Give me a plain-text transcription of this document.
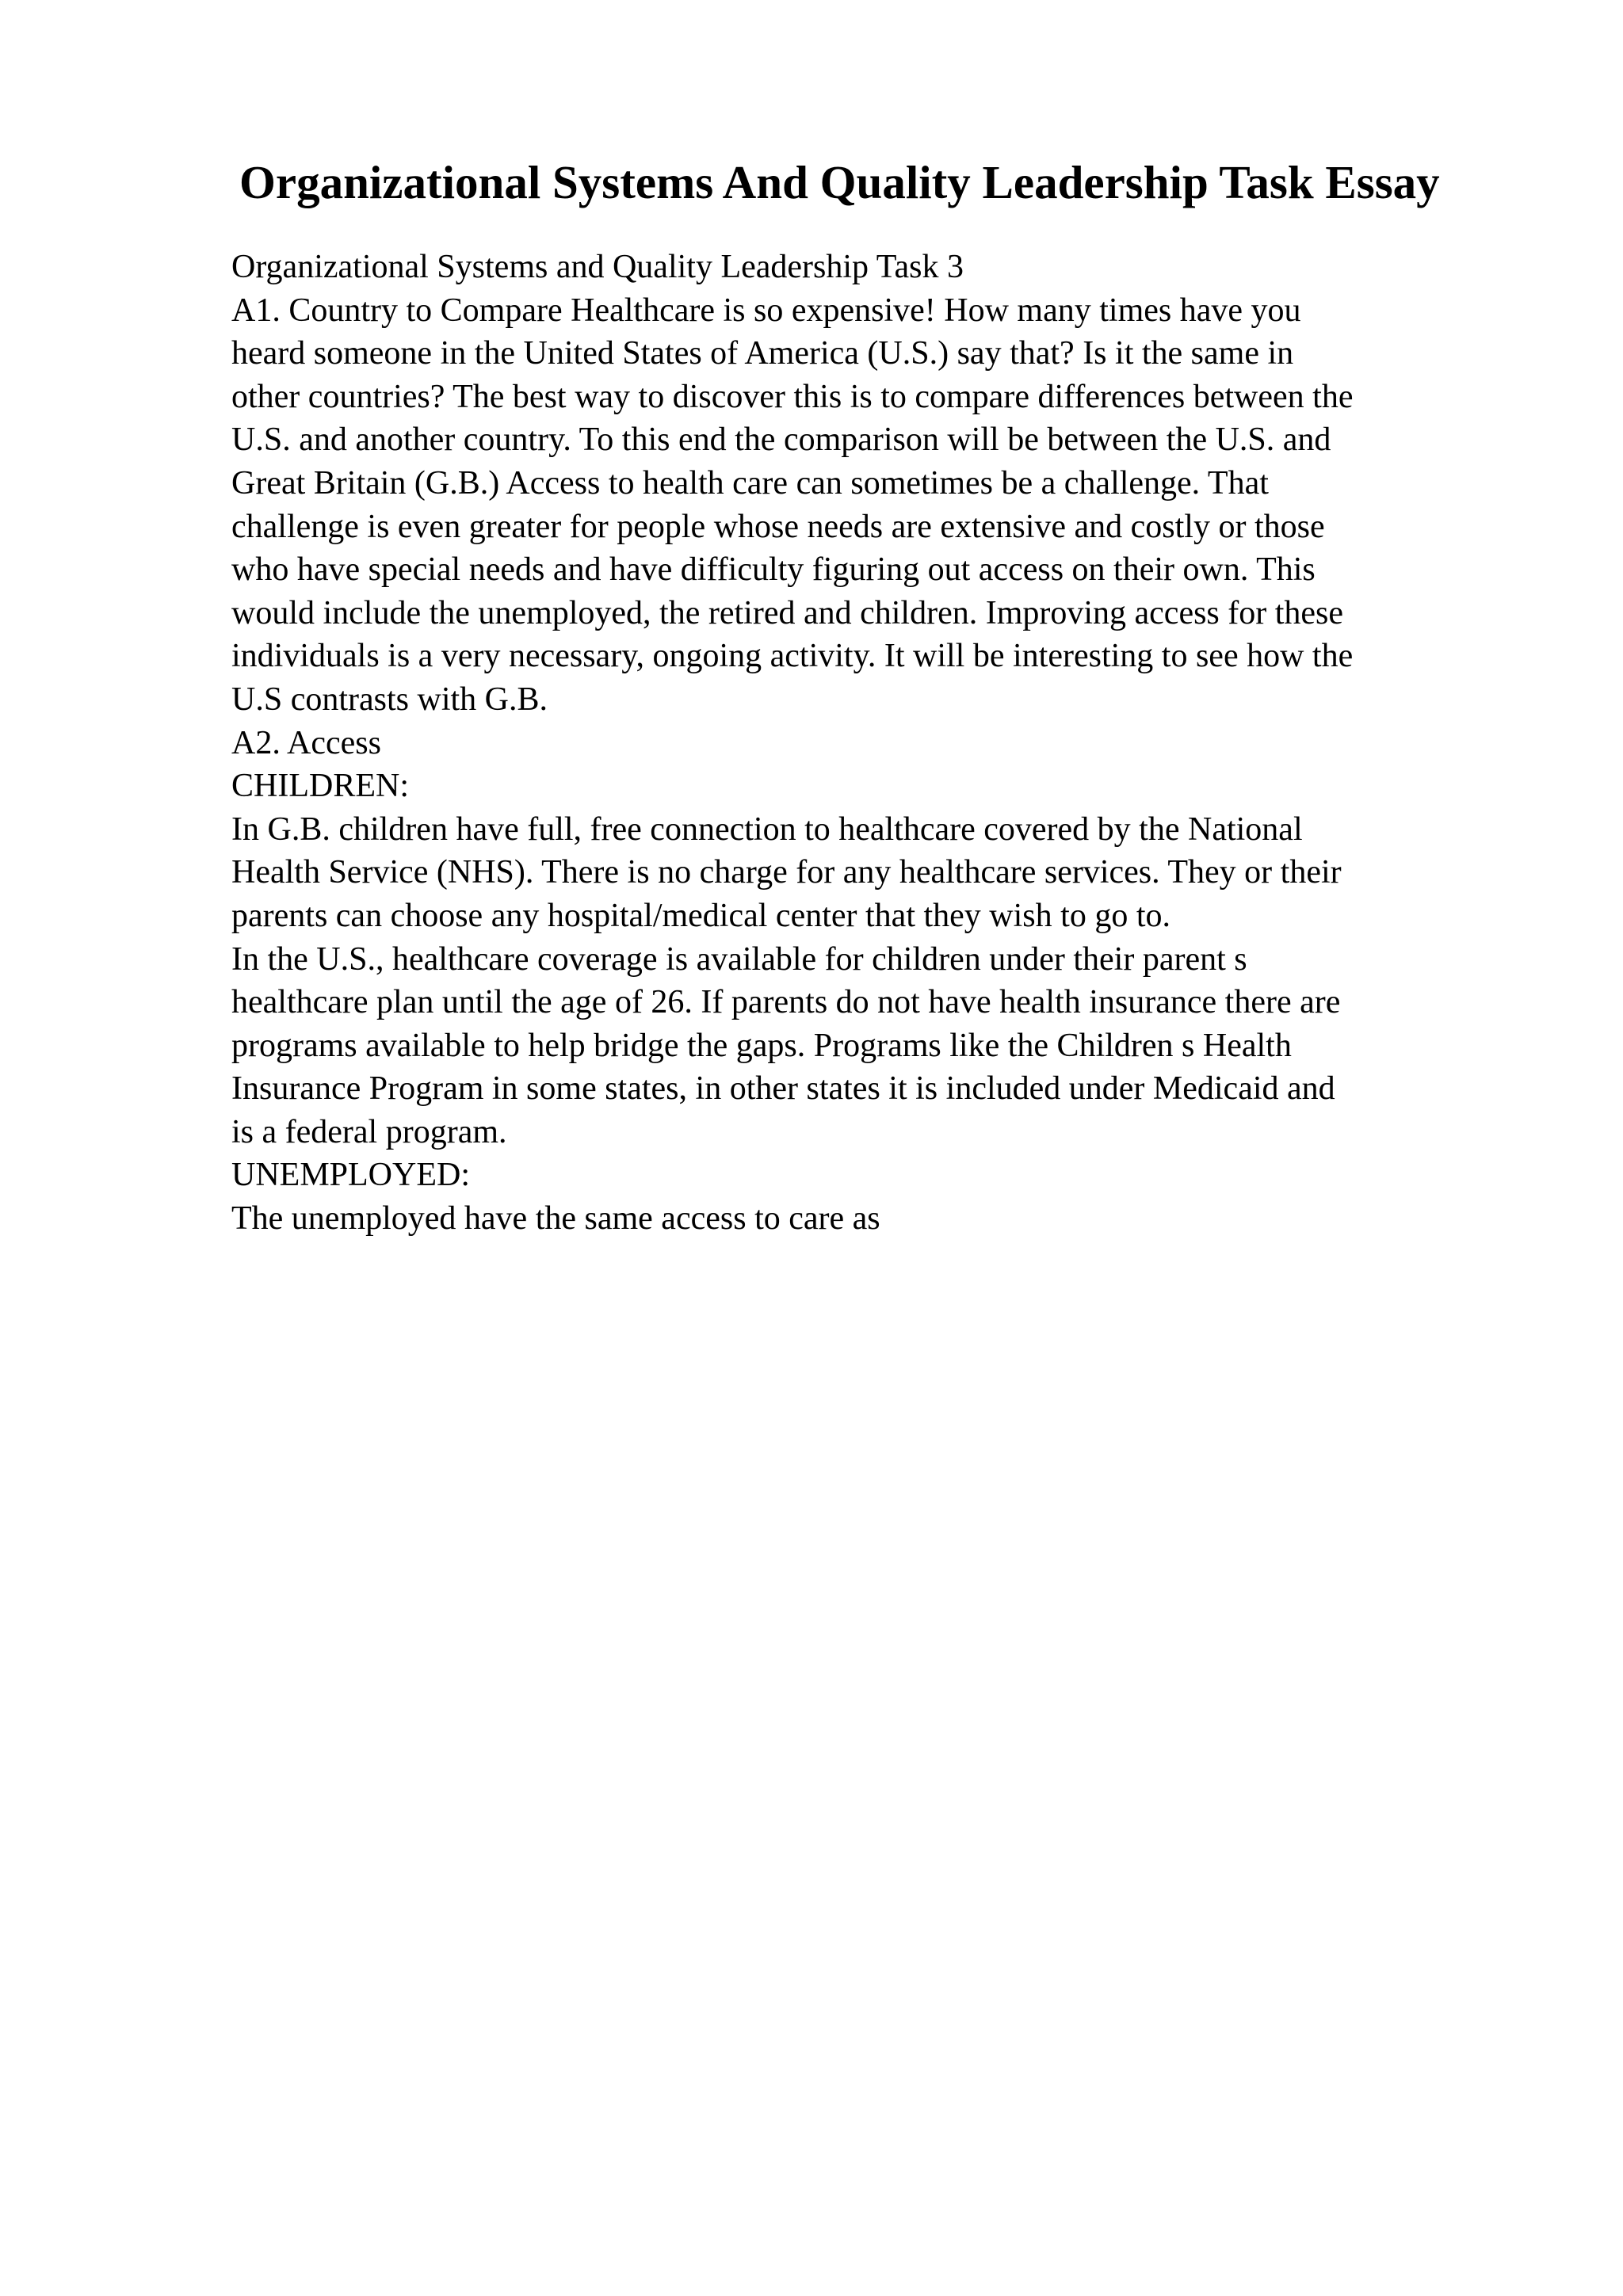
Organizational Systems And Quality Leadership Task Essay
Organizational Systems and Quality Leadership Task 3
A1. Country to Compare Healthcare is so expensive! How many times have you
heard someone in the United States of America (U.S.) say that? Is it the same in
other countries? The best way to discover this is to compare differences between the
U.S. and another country. To this end the comparison will be between the U.S. and
Great Britain (G.B.) Access to health care can sometimes be a challenge. That
challenge is even greater for people whose needs are extensive and costly or those
who have special needs and have difficulty figuring out access on their own. This
would include the unemployed, the retired and children. Improving access for these
individuals is a very necessary, ongoing activity. It will be interesting to see how the
U.S contrasts with G.B.
A2. Access
CHILDREN:
In G.B. children have full, free connection to healthcare covered by the National
Health Service (NHS). There is no charge for any healthcare services. They or their
parents can choose any hospital/medical center that they wish to go to.
In the U.S., healthcare coverage is available for children under their parent s
healthcare plan until the age of 26. If parents do not have health insurance there are
programs available to help bridge the gaps. Programs like the Children s Health
Insurance Program in some states, in other states it is included under Medicaid and
is a federal program.
UNEMPLOYED:
The unemployed have the same access to care as
